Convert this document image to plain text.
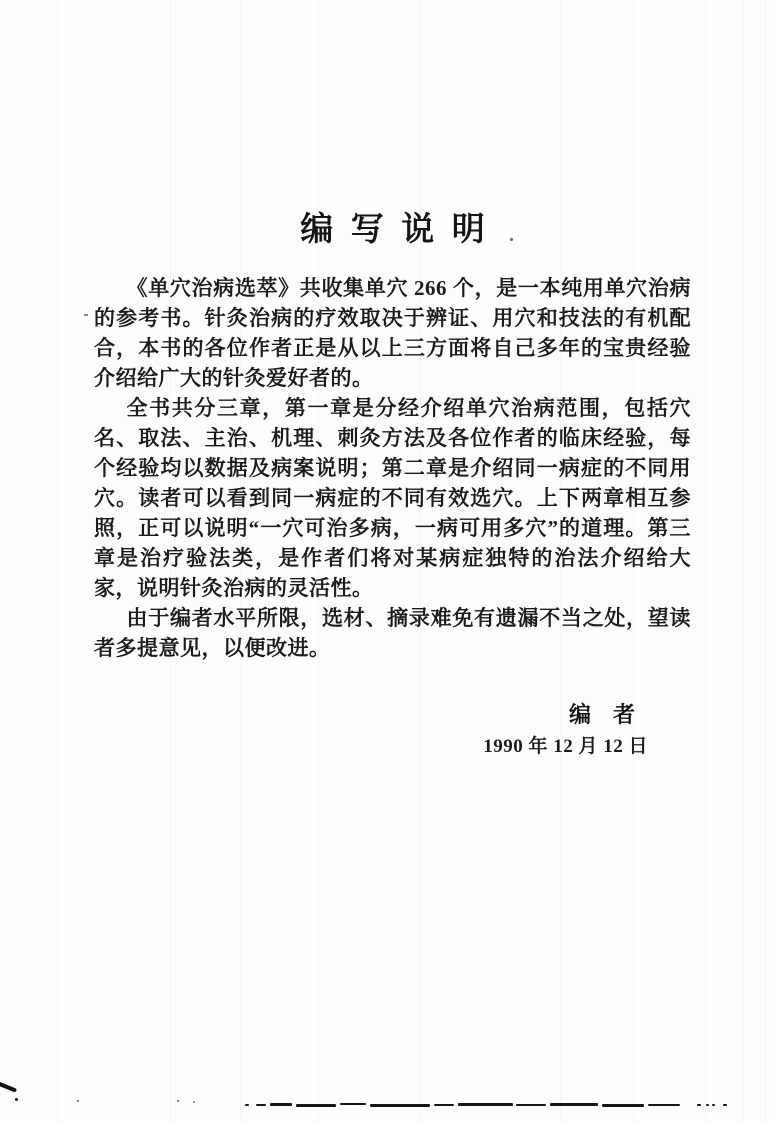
编 写 说 明

《单穴治病选萃》共收集单穴 266 个，是一本纯用单穴治病的参考书。针灸治病的疗效取决于辨证、用穴和技法的有机配合，本书的各位作者正是从以上三方面将自己多年的宝贵经验介绍给广大的针灸爱好者的。

全书共分三章，第一章是分经介绍单穴治病范围，包括穴名、取法、主治、机理、刺灸方法及各位作者的临床经验，每个经验均以数据及病案说明；第二章是介绍同一病症的不同用穴。读者可以看到同一病症的不同有效选穴。上下两章相互参照，正可以说明“一穴可治多病，一病可用多穴”的道理。第三章是治疗验法类，是作者们将对某病症独特的治法介绍给大家，说明针灸治病的灵活性。

由于编者水平所限，选材、摘录难免有遗漏不当之处，望读者多提意见，以便改进。

编　者
1990 年 12 月 12 日
